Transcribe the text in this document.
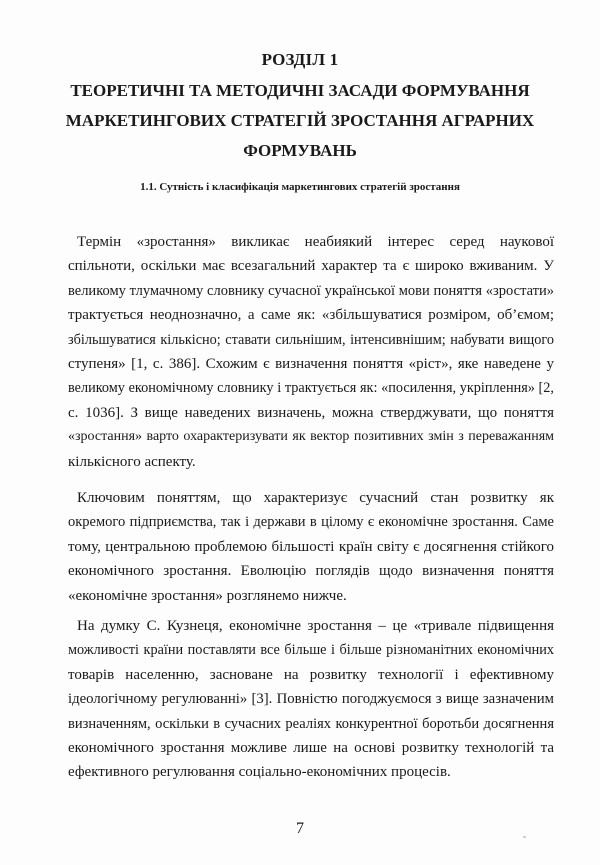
РОЗДІЛ 1
ТЕОРЕТИЧНІ ТА МЕТОДИЧНІ ЗАСАДИ ФОРМУВАННЯ
МАРКЕТИНГОВИХ СТРАТЕГІЙ ЗРОСТАННЯ АГРАРНИХ
ФОРМУВАНЬ
1.1. Сутність і класифікація маркетингових стратегій зростання
Термін «зростання» викликає неабиякий інтерес серед наукової
спільноти, оскільки має всезагальний характер та є широко вживаним. У
великому тлумачному словнику сучасної української мови поняття «зростати»
трактується неоднозначно, а саме як: «збільшуватися розміром, об’ємом;
збільшуватися кількісно; ставати сильнішим, інтенсивнішим; набувати вищого
ступеня» [1, с. 386]. Схожим є визначення поняття «ріст», яке наведене у
великому економічному словнику і трактується як: «посилення, укріплення» [2,
с. 1036]. З вище наведених визначень, можна стверджувати, що поняття
«зростання» варто охарактеризувати як вектор позитивних змін з переважанням
кількісного аспекту.
Ключовим поняттям, що характеризує сучасний стан розвитку як
окремого підприємства, так і держави в цілому є економічне зростання. Саме
тому, центральною проблемою більшості країн світу є досягнення стійкого
економічного зростання. Еволюцію поглядів щодо визначення поняття
«економічне зростання» розглянемо нижче.
На думку С. Кузнеця, економічне зростання – це «тривале підвищення
можливості країни поставляти все більше і більше різноманітних економічних
товарів населенню, засноване на розвитку технології і ефективному
ідеологічному регулюванні» [3]. Повністю погоджуємося з вище зазначеним
визначенням, оскільки в сучасних реаліях конкурентної боротьби досягнення
економічного зростання можливе лише на основі розвитку технологій та
ефективного регулювання соціально-економічних процесів.
7
